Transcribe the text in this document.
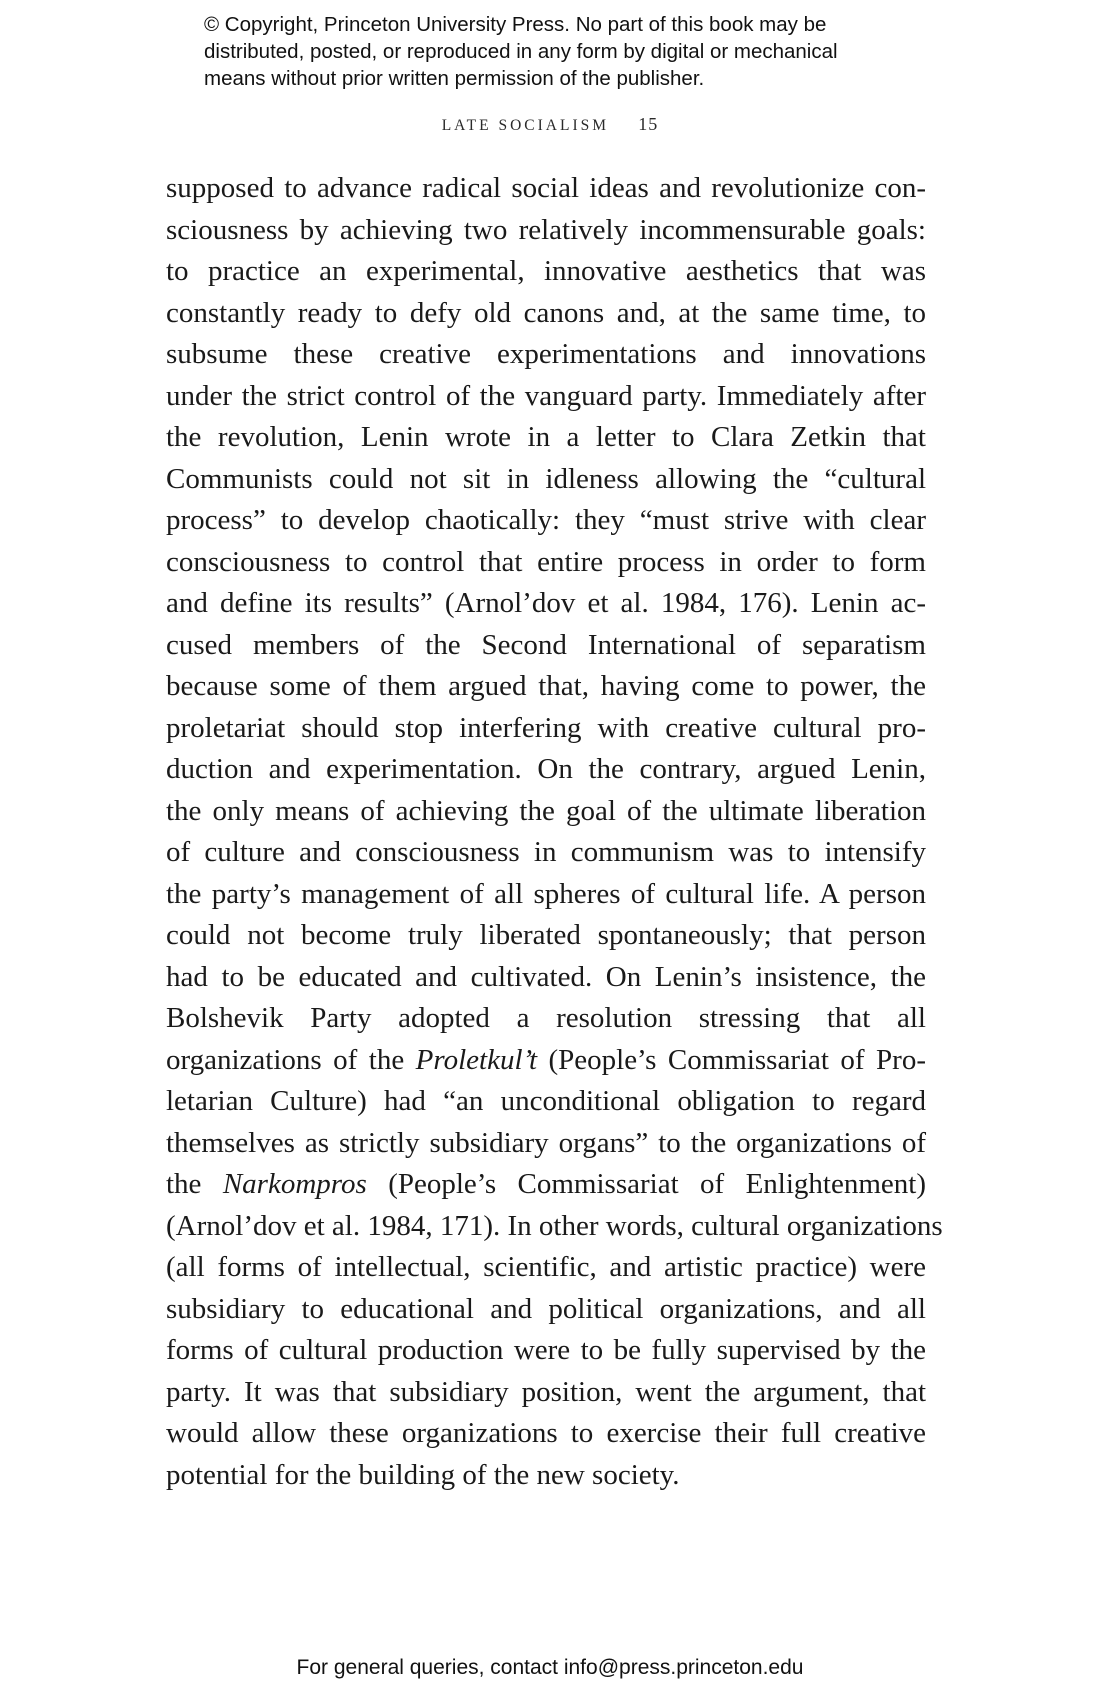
© Copyright, Princeton University Press. No part of this book may be
distributed, posted, or reproduced in any form by digital or mechanical
means without prior written permission of the publisher.
LATE SOCIALISM 15
supposed to advance radical social ideas and revolutionize con-
sciousness by achieving two relatively incommensurable goals:
to practice an experimental, innovative aesthetics that was
constantly ready to defy old canons and, at the same time, to
subsume these creative experimentations and innovations
under the strict control of the vanguard party. Immediately after
the revolution, Lenin wrote in a letter to Clara Zetkin that
Communists could not sit in idleness allowing the “cultural
process” to develop chaotically: they “must strive with clear
consciousness to control that entire process in order to form
and define its results” (Arnol’dov et al. 1984, 176). Lenin ac-
cused members of the Second International of separatism
because some of them argued that, having come to power, the
proletariat should stop interfering with creative cultural pro-
duction and experimentation. On the contrary, argued Lenin,
the only means of achieving the goal of the ultimate liberation
of culture and consciousness in communism was to intensify
the party’s management of all spheres of cultural life. A person
could not become truly liberated spontaneously; that person
had to be educated and cultivated. On Lenin’s insistence, the
Bolshevik Party adopted a resolution stressing that all
organizations of the Proletkul’t (People’s Commissariat of Pro-
letarian Culture) had “an unconditional obligation to regard
themselves as strictly subsidiary organs” to the organizations of
the Narkompros (People’s Commissariat of Enlightenment)
(Arnol’dov et al. 1984, 171). In other words, cultural organizations
(all forms of intellectual, scientific, and artistic practice) were
subsidiary to educational and political organizations, and all
forms of cultural production were to be fully supervised by the
party. It was that subsidiary position, went the argument, that
would allow these organizations to exercise their full creative
potential for the building of the new society.
For general queries, contact info@press.princeton.edu
